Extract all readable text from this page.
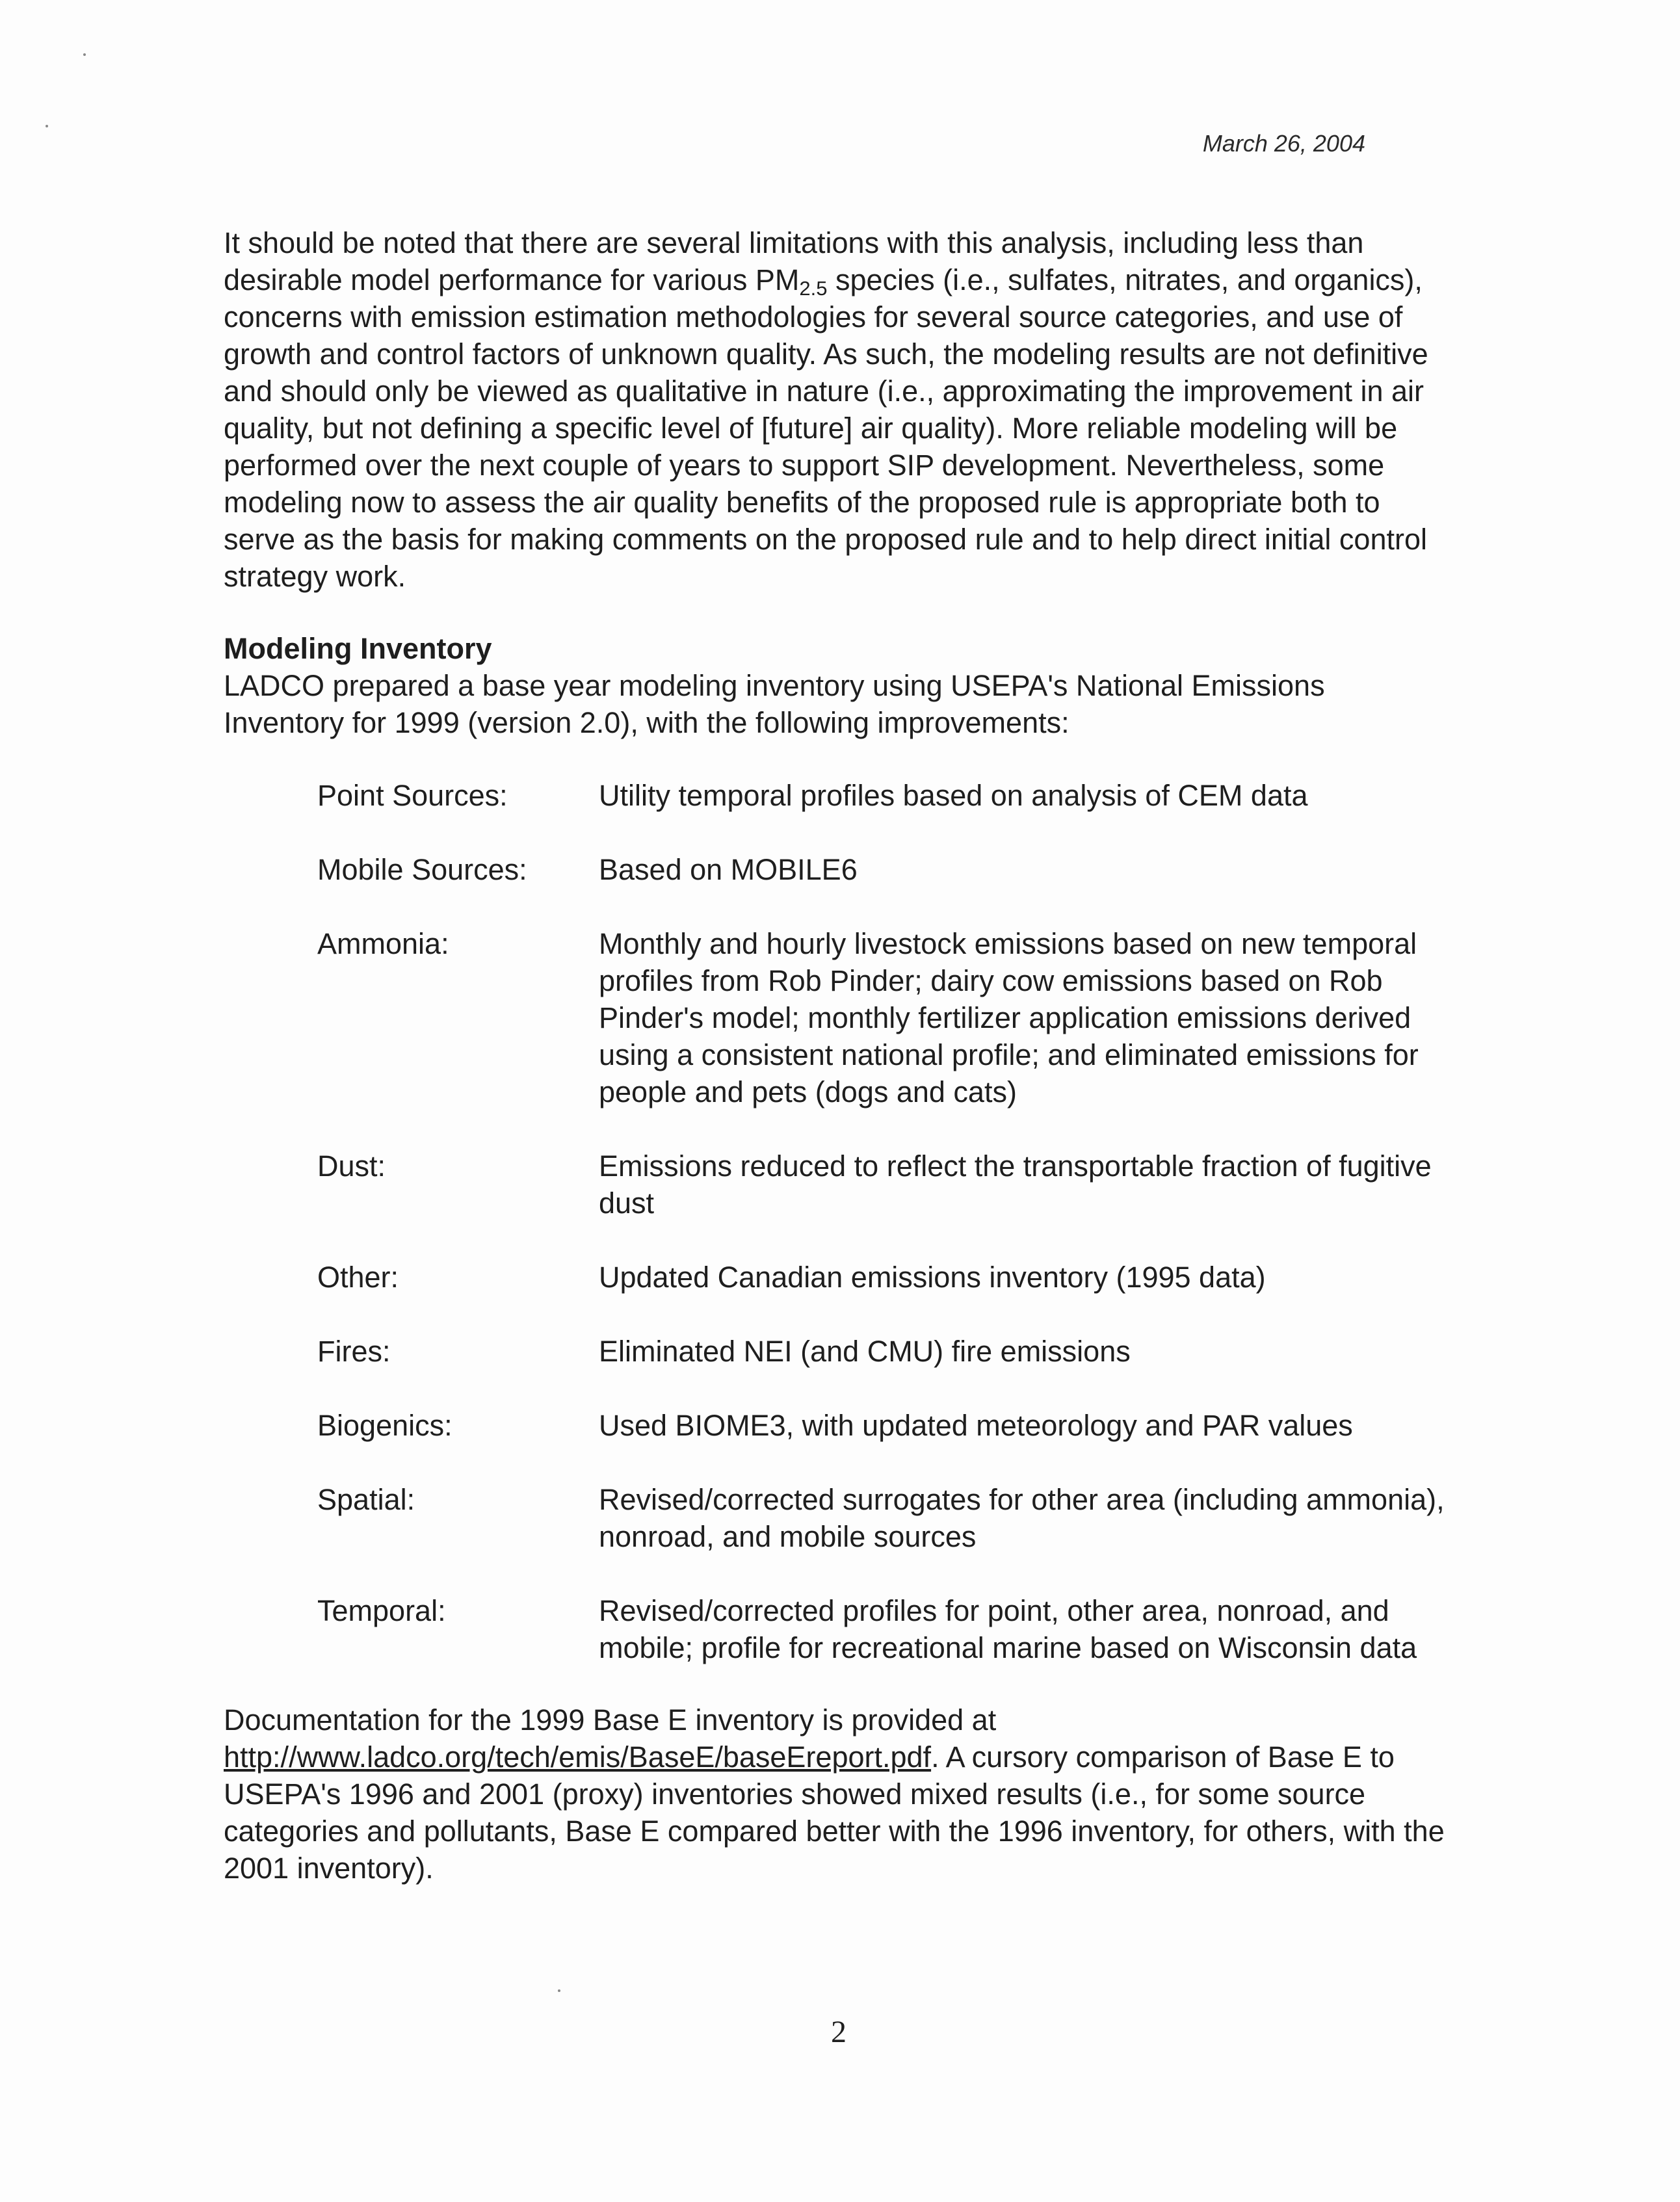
March 26, 2004

It should be noted that there are several limitations with this analysis, including less than desirable model performance for various $PM_{2.5}$ species (i.e., sulfates, nitrates, and organics), concerns with emission estimation methodologies for several source categories, and use of growth and control factors of unknown quality. As such, the modeling results are not definitive and should only be viewed as qualitative in nature (i.e., approximating the improvement in air quality, but not defining a specific level of [future] air quality). More reliable modeling will be performed over the next couple of years to support SIP development. Nevertheless, some modeling now to assess the air quality benefits of the proposed rule is appropriate both to serve as the basis for making comments on the proposed rule and to help direct initial control strategy work.

Modeling Inventory

LADCO prepared a base year modeling inventory using USEPA's National Emissions Inventory for 1999 (version 2.0), with the following improvements:

Point Sources:	Utility temporal profiles based on analysis of CEM data
Mobile Sources:	Based on MOBILE6
Ammonia:	Monthly and hourly livestock emissions based on new temporal profiles from Rob Pinder; dairy cow emissions based on Rob Pinder's model; monthly fertilizer application emissions derived using a consistent national profile; and eliminated emissions for people and pets (dogs and cats)
Dust:	Emissions reduced to reflect the transportable fraction of fugitive dust
Other:	Updated Canadian emissions inventory (1995 data)
Fires:	Eliminated NEI (and CMU) fire emissions
Biogenics:	Used BIOME3, with updated meteorology and PAR values
Spatial:	Revised/corrected surrogates for other area (including ammonia), nonroad, and mobile sources
Temporal:	Revised/corrected profiles for point, other area, nonroad, and mobile; profile for recreational marine based on Wisconsin data

Documentation for the 1999 Base E inventory is provided at
http://www.ladco.org/tech/emis/BaseE/baseEreport.pdf. A cursory comparison of Base E to USEPA's 1996 and 2001 (proxy) inventories showed mixed results (i.e., for some source categories and pollutants, Base E compared better with the 1996 inventory, for others, with the 2001 inventory).

2
